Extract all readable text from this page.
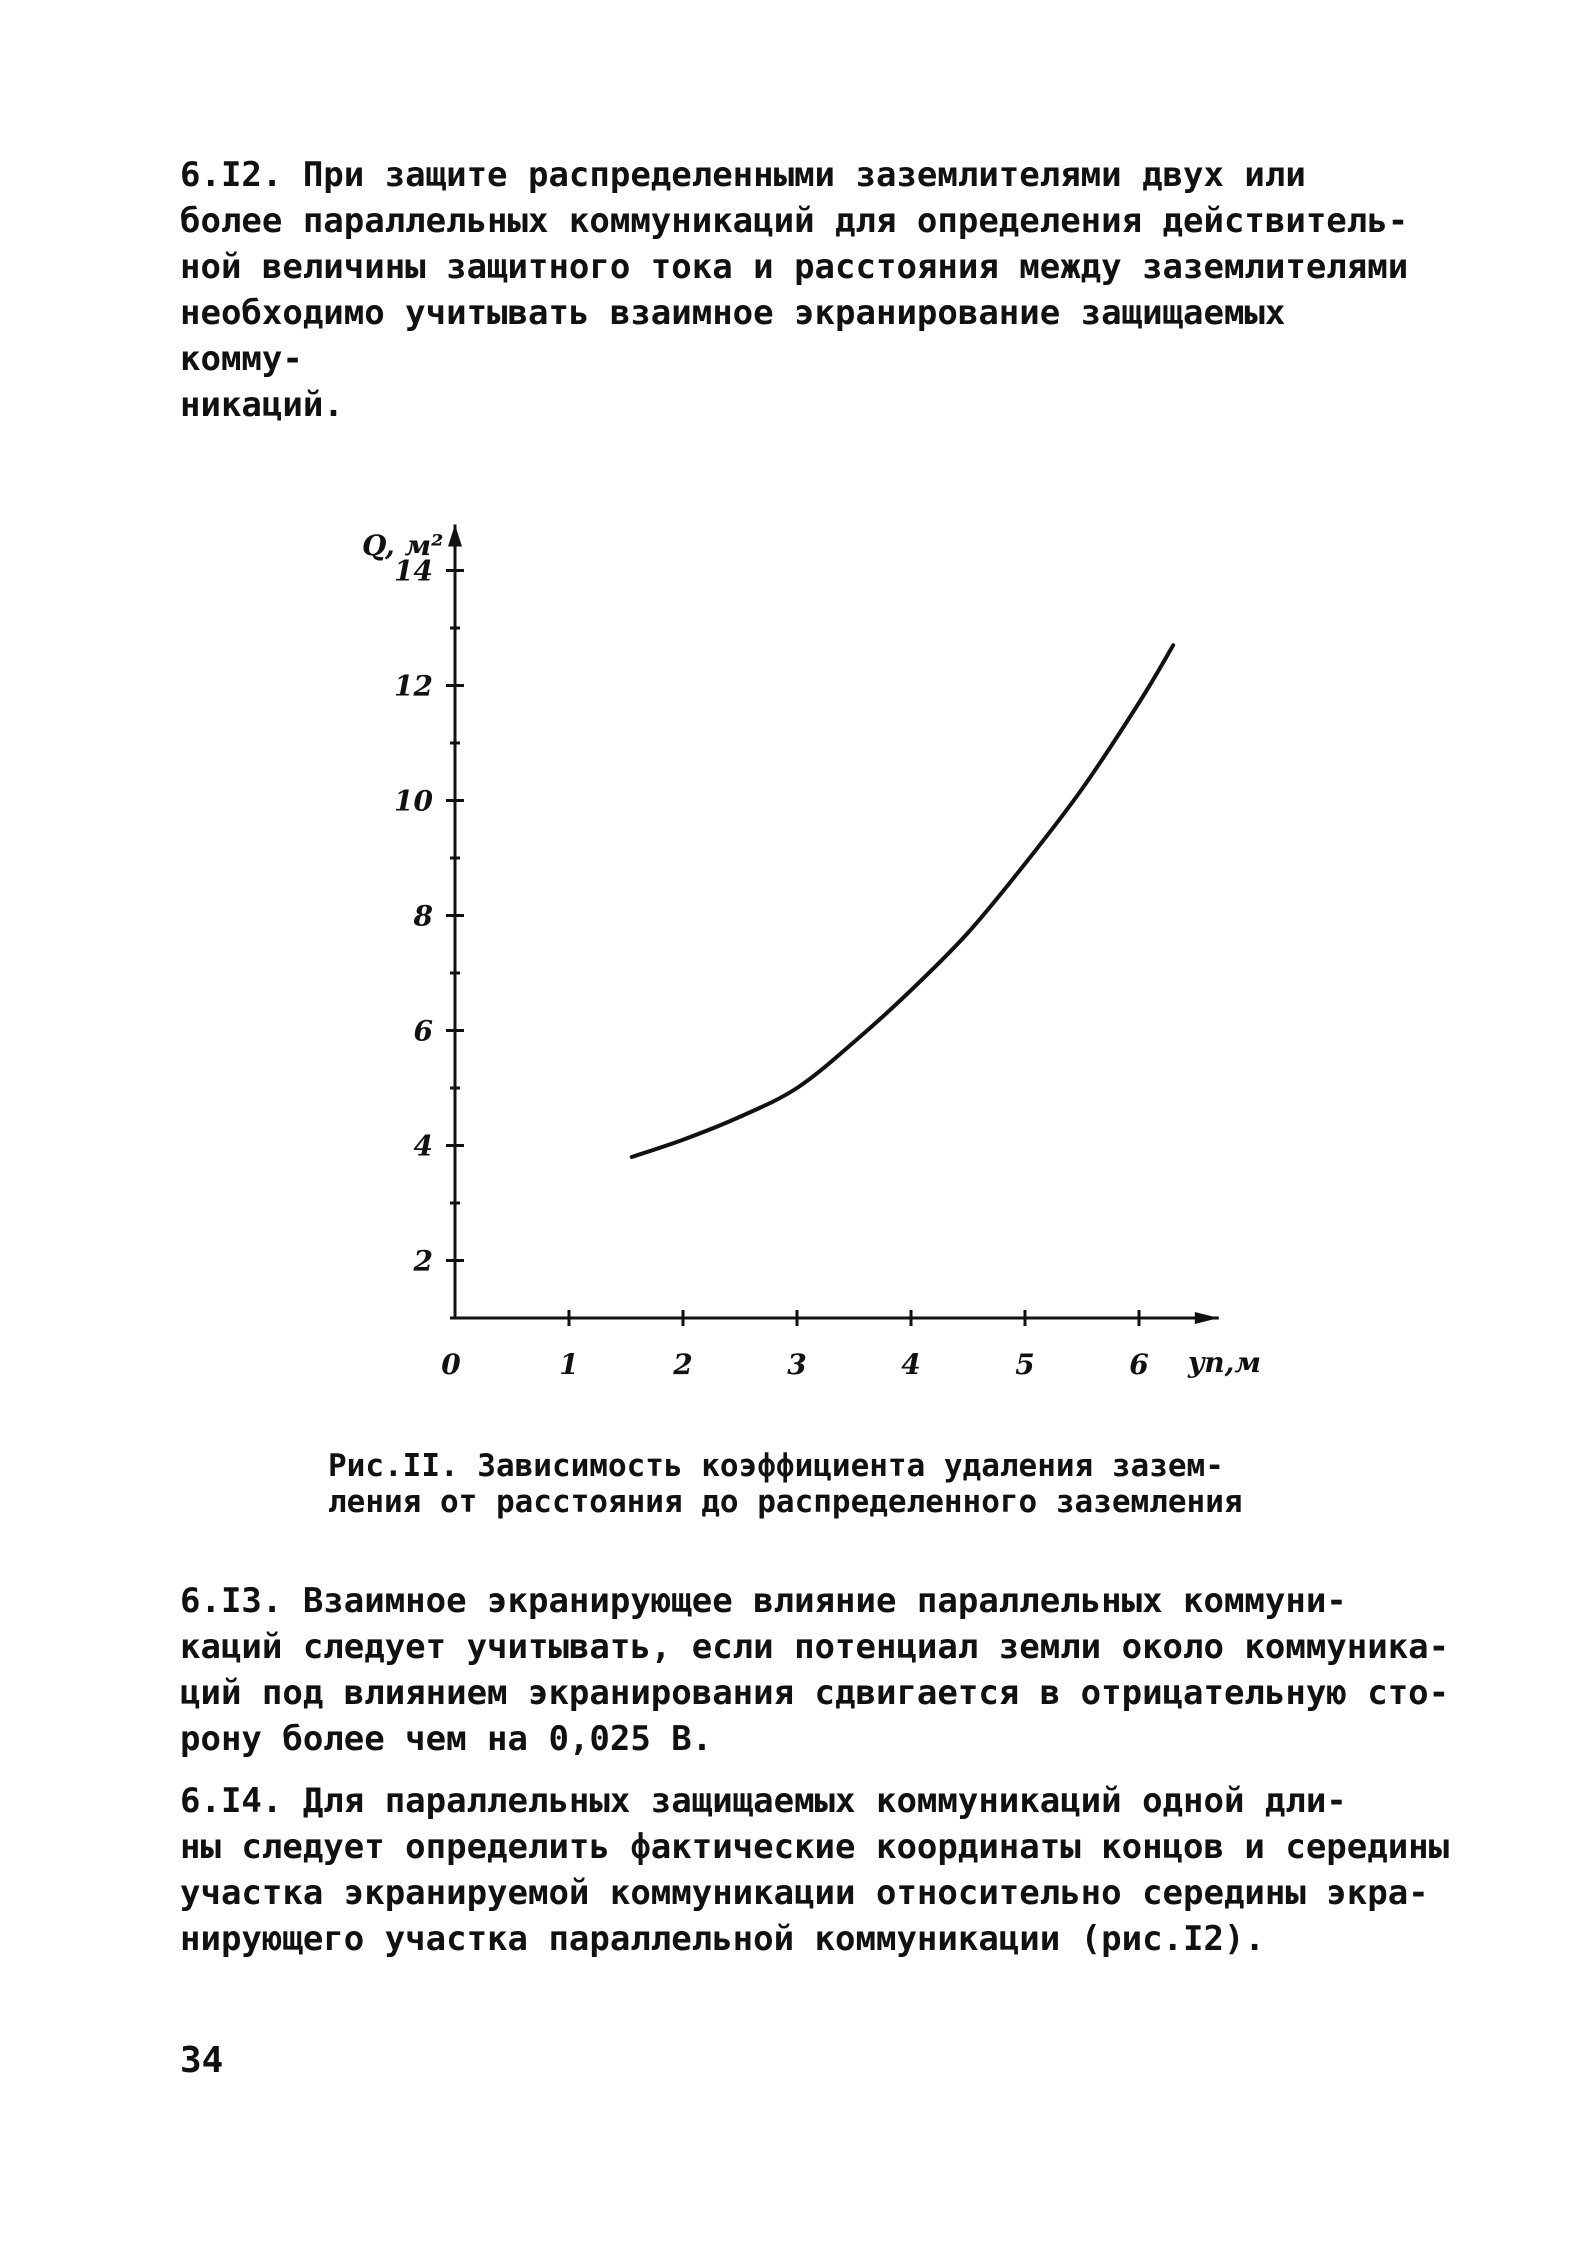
6.I2. При защите распределенными заземлителями двух или
более параллельных коммуникаций для определения действитель-
ной величины защитного тока и расстояния между заземлителями
необходимо учитывать взаимное экранирование защищаемых комму-
никаций.

2
4
6
8
10
12
14
0	1	2	3	4	5	6
Q, м²
yп,м

Рис.II. Зависимость коэффициента удаления зазем-
ления от расстояния до распределенного заземления

6.I3. Взаимное экранирующее влияние параллельных коммуни-
каций следует учитывать, если потенциал земли около коммуника-
ций под влиянием экранирования сдвигается в отрицательную сто-
рону более чем на 0,025 В.

6.I4. Для параллельных защищаемых коммуникаций одной дли-
ны следует определить фактические координаты концов и середины
участка экранируемой коммуникации относительно середины экра-
нирующего участка параллельной коммуникации (рис.I2).

34
